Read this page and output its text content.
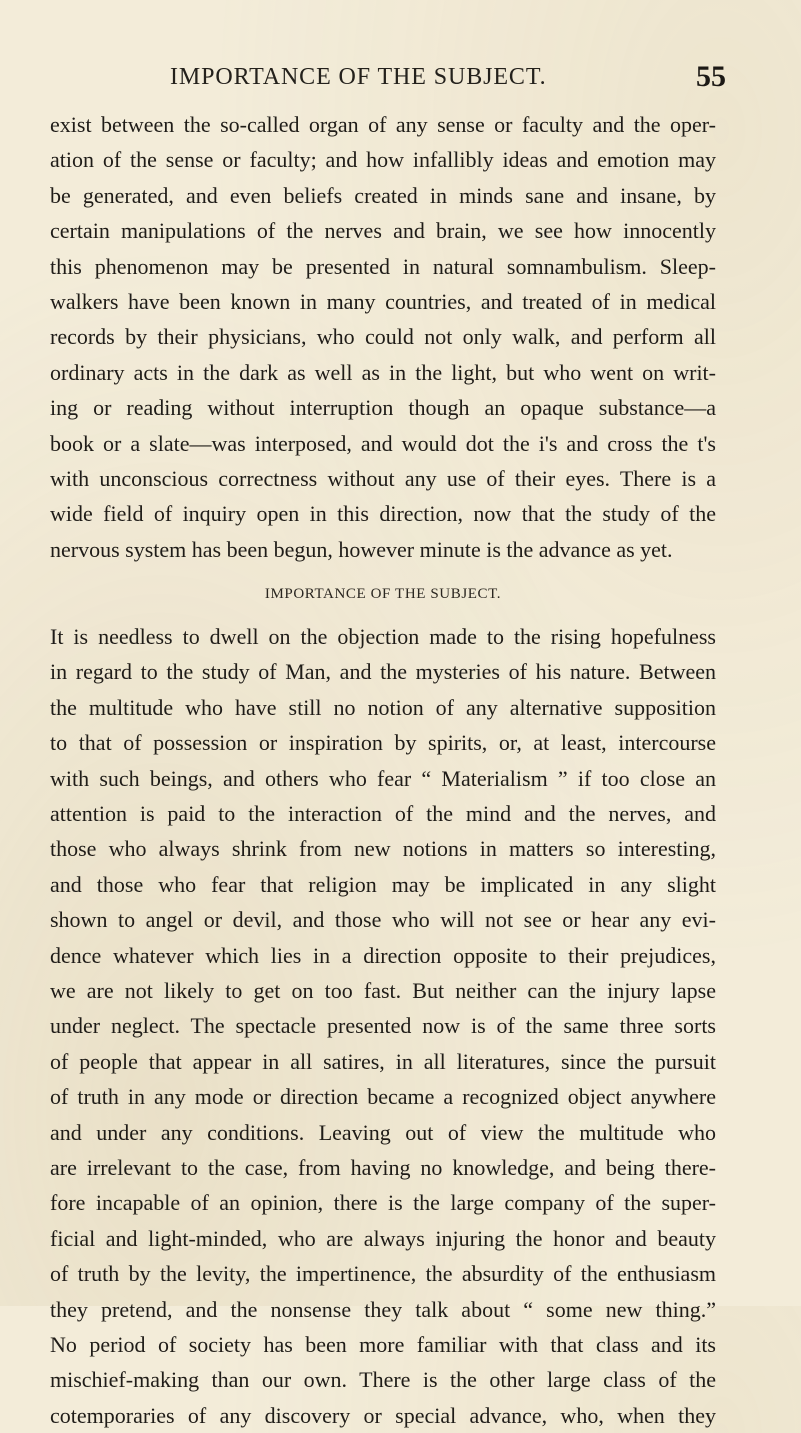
IMPORTANCE OF THE SUBJECT.	55
exist between the so-called organ of any sense or faculty and the oper-
ation of the sense or faculty; and how infallibly ideas and emotion may
be generated, and even beliefs created in minds sane and insane, by
certain manipulations of the nerves and brain, we see how innocently
this phenomenon may be presented in natural somnambulism. Sleep-
walkers have been known in many countries, and treated of in medical
records by their physicians, who could not only walk, and perform all
ordinary acts in the dark as well as in the light, but who went on writ-
ing or reading without interruption though an opaque substance—a
book or a slate—was interposed, and would dot the i's and cross the t's
with unconscious correctness without any use of their eyes. There is a
wide field of inquiry open in this direction, now that the study of the
nervous system has been begun, however minute is the advance as yet.
IMPORTANCE OF THE SUBJECT.
It is needless to dwell on the objection made to the rising hopefulness
in regard to the study of Man, and the mysteries of his nature. Between
the multitude who have still no notion of any alternative supposition
to that of possession or inspiration by spirits, or, at least, intercourse
with such beings, and others who fear “ Materialism ” if too close an
attention is paid to the interaction of the mind and the nerves, and
those who always shrink from new notions in matters so interesting,
and those who fear that religion may be implicated in any slight
shown to angel or devil, and those who will not see or hear any evi-
dence whatever which lies in a direction opposite to their prejudices,
we are not likely to get on too fast. But neither can the injury lapse
under neglect. The spectacle presented now is of the same three sorts
of people that appear in all satires, in all literatures, since the pursuit
of truth in any mode or direction became a recognized object anywhere
and under any conditions. Leaving out of view the multitude who
are irrelevant to the case, from having no knowledge, and being there-
fore incapable of an opinion, there is the large company of the super-
ficial and light-minded, who are always injuring the honor and beauty
of truth by the levity, the impertinence, the absurdity of the enthusiasm
they pretend, and the nonsense they talk about “ some new thing.”
No period of society has been more familiar with that class and its
mischief-making than our own. There is the other large class of the
cotemporaries of any discovery or special advance, who, when they
